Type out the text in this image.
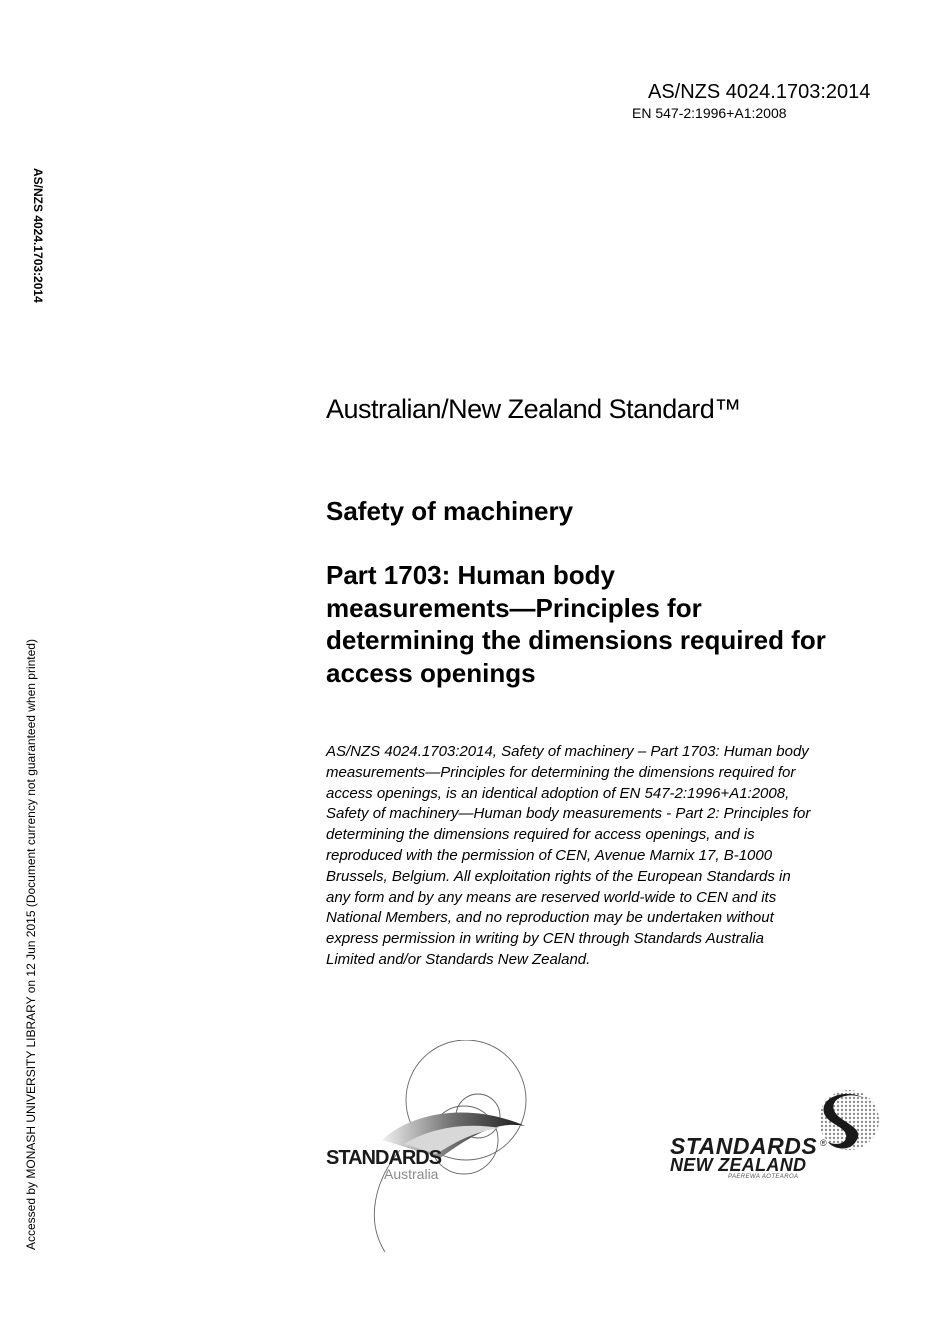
AS/NZS 4024.1703:2014
EN 547-2:1996+A1:2008
AS/NZS 4024.1703:2014
Accessed by MONASH UNIVERSITY LIBRARY on 12 Jun 2015 (Document currency not guaranteed when printed)
Australian/New Zealand Standard™
Safety of machinery
Part 1703: Human body
measurements—Principles for
determining the dimensions required for
access openings
AS/NZS 4024.1703:2014, Safety of machinery – Part 1703: Human body
measurements—Principles for determining the dimensions required for
access openings, is an identical adoption of EN 547-2:1996+A1:2008,
Safety of machinery—Human body measurements - Part 2: Principles for
determining the dimensions required for access openings, and is
reproduced with the permission of CEN, Avenue Marnix 17, B-1000
Brussels, Belgium. All exploitation rights of the European Standards in
any form and by any means are reserved world-wide to CEN and its
National Members, and no reproduction may be undertaken without
express permission in writing by CEN through Standards Australia
Limited and/or Standards New Zealand.
STANDARDS
Australia
STANDARDS ®
NEW ZEALAND
PAEREWA AOTEAROA
